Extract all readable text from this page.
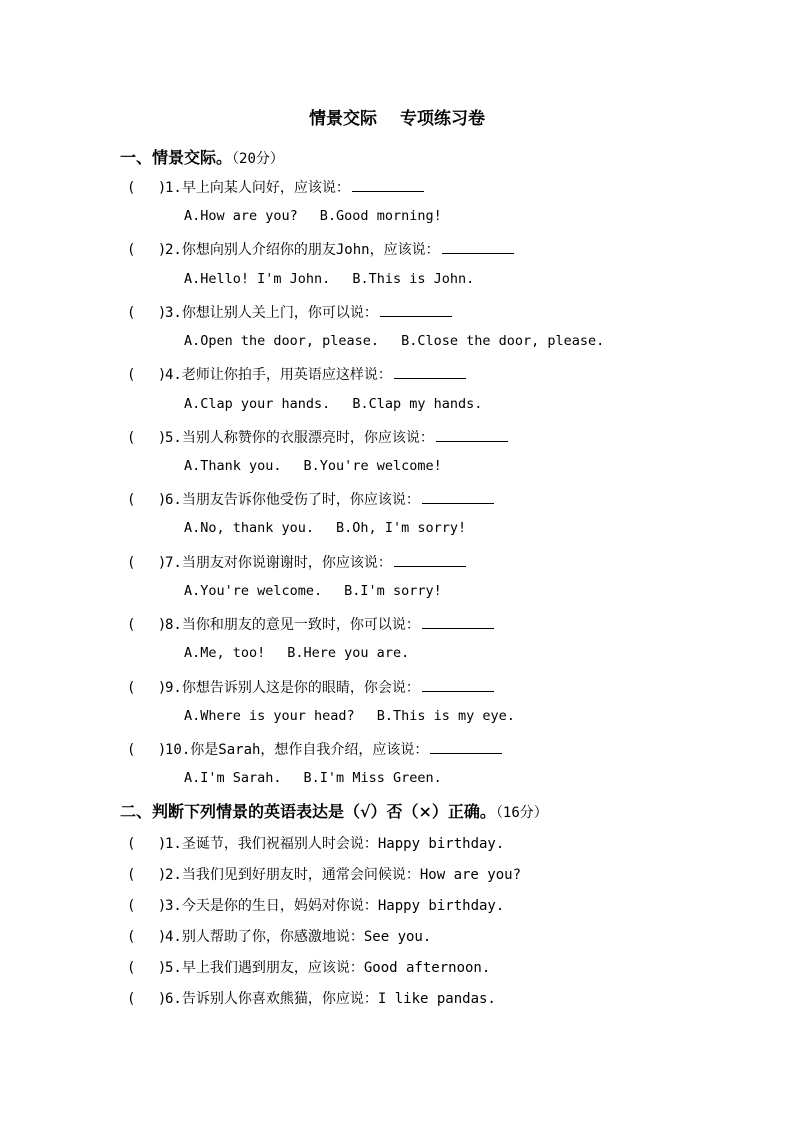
情景交际　 专项练习卷
一、情景交际。（20分）
(　 )1.早上向某人问好，应该说：
A.How are you? B.Good morning!
(　 )2.你想向别人介绍你的朋友John，应该说：
A.Hello! I'm John. B.This is John.
(　 )3.你想让别人关上门，你可以说：
A.Open the door, please. B.Close the door, please.
(　 )4.老师让你拍手，用英语应这样说：
A.Clap your hands. B.Clap my hands.
(　 )5.当别人称赞你的衣服漂亮时，你应该说：
A.Thank you. B.You're welcome!
(　 )6.当朋友告诉你他受伤了时，你应该说：
A.No, thank you. B.Oh, I'm sorry!
(　 )7.当朋友对你说谢谢时，你应该说：
A.You're welcome. B.I'm sorry!
(　 )8.当你和朋友的意见一致时，你可以说：
A.Me, too! B.Here you are.
(　 )9.你想告诉别人这是你的眼睛，你会说：
A.Where is your head? B.This is my eye.
(　 )10.你是Sarah，想作自我介绍，应该说：
A.I'm Sarah. B.I'm Miss Green.
二、判断下列情景的英语表达是（√）否（×）正确。（16分）
(　 )1.圣诞节，我们祝福别人时会说：Happy birthday.
(　 )2.当我们见到好朋友时，通常会问候说：How are you?
(　 )3.今天是你的生日，妈妈对你说：Happy birthday.
(　 )4.别人帮助了你，你感激地说：See you.
(　 )5.早上我们遇到朋友，应该说：Good afternoon.
(　 )6.告诉别人你喜欢熊猫，你应说：I like pandas.
